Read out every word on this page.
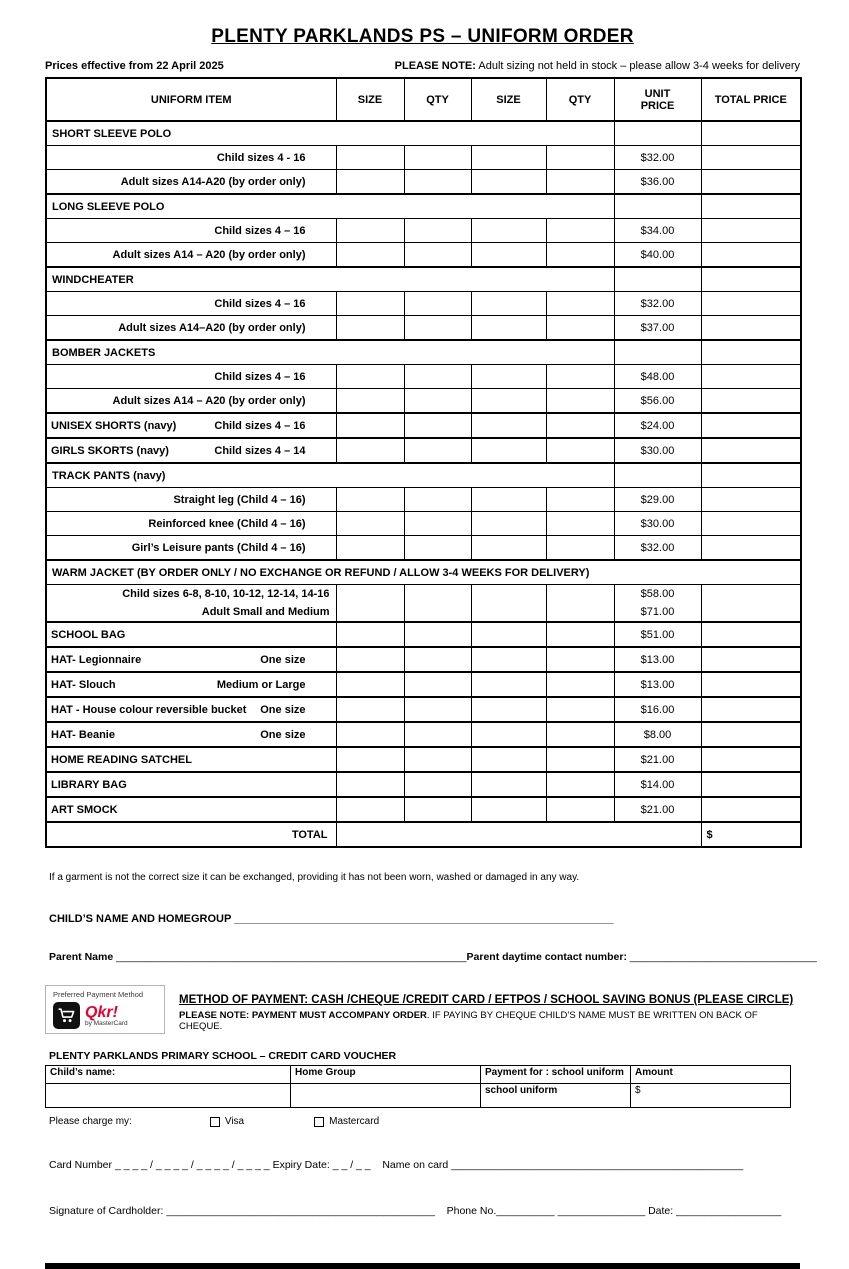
PLENTY PARKLANDS PS – UNIFORM ORDER
Prices effective from 22 April 2025	PLEASE NOTE: Adult sizing not held in stock – please allow 3-4 weeks for delivery
UNIFORM ITEM	SIZE	QTY	SIZE	QTY	UNIT PRICE	TOTAL PRICE
SHORT SLEEVE POLO						
Child sizes 4 - 16					$32.00	
Adult sizes A14-A20 (by order only)					$36.00	
LONG SLEEVE POLO						
Child sizes 4 – 16					$34.00	
Adult sizes A14 – A20 (by order only)					$40.00	
WINDCHEATER						
Child sizes 4 – 16					$32.00	
Adult sizes A14–A20 (by order only)					$37.00	
BOMBER JACKETS						
Child sizes 4 – 16					$48.00	
Adult sizes A14 – A20 (by order only)					$56.00	

UNISEX SHORTS (navy) Child sizes 4 – 16					$24.00	

GIRLS SKORTS (navy) Child sizes 4 – 14					$30.00	
TRACK PANTS (navy)						
Straight leg (Child 4 – 16)					$29.00	
Reinforced knee (Child 4 – 16)					$30.00	
Girl’s Leisure pants (Child 4 – 16)					$32.00	
WARM JACKET (BY ORDER ONLY / NO EXCHANGE OR REFUND / ALLOW 3-4 WEEKS FOR DELIVERY)						

Child sizes 6-8, 8-10, 10-12, 12-14, 14-16
Adult Small and Medium

$58.00
$71.00

SCHOOL BAG					$51.00	

HAT- Legionnaire One size					$13.00	

HAT- Slouch Medium or Large					$13.00	

HAT - House colour reversible bucket One size					$16.00	

HAT- Beanie One size					$8.00	

HOME READING SATCHEL					$21.00	

LIBRARY BAG					$14.00	

ART SMOCK					$21.00	
TOTAL						$

If a garment is not the correct size it can be exchanged, providing it has not been worn, washed or damaged in any way.

CHILD’S NAME AND HOMEGROUP ______________________________________________________________

Parent Name ____________________________________________________________Parent daytime contact number: ________________________________

Preferred Payment Method
Qkr!
by MasterCard
METHOD OF PAYMENT: CASH /CHEQUE /CREDIT CARD / EFTPOS / SCHOOL SAVING BONUS (PLEASE CIRCLE)
PLEASE NOTE: PAYMENT MUST ACCOMPANY ORDER. IF PAYING BY CHEQUE CHILD’S NAME MUST BE WRITTEN ON BACK OF CHEQUE.

PLENTY PARKLANDS PRIMARY SCHOOL – CREDIT CARD VOUCHER

Child’s name:	Home Group	Payment for : school uniform	Amount
		school uniform	$
Please charge my:	Visa	Mastercard
Card Number _ _ _ _ / _ _ _ _ / _ _ _ _ / _ _ _ _ Expiry Date: _ _ / _ _ Name on card __________________________________________________
Signature of Cardholder: ______________________________________________ Phone No.__________ _______________ Date: __________________
